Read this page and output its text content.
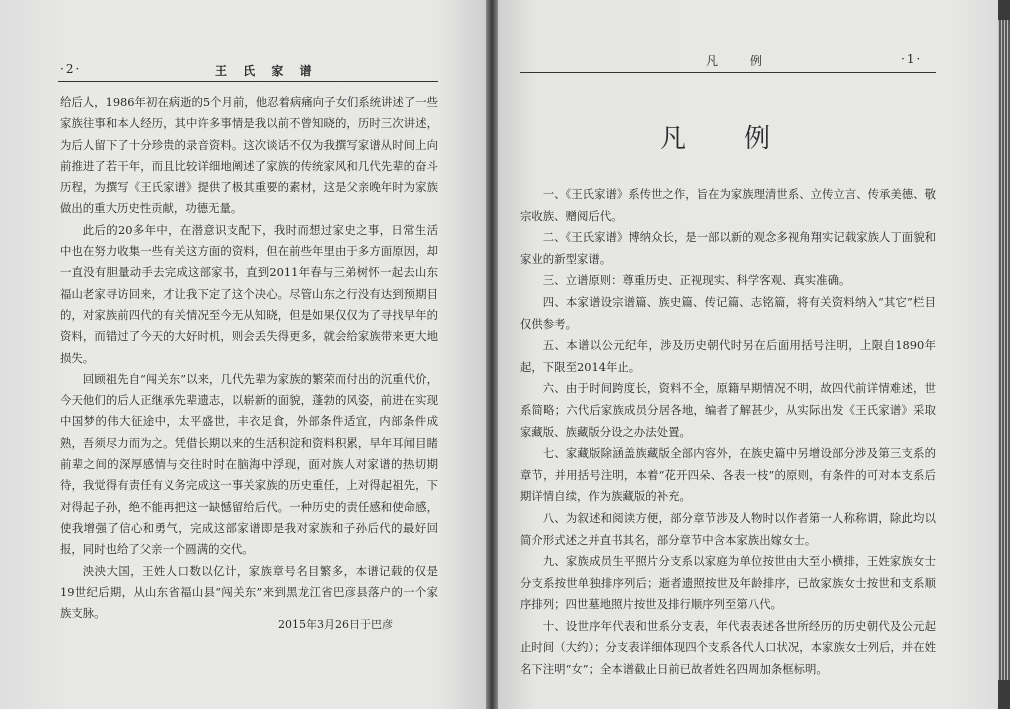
·2·	王 氏 家 谱

给后人，1986年初在病逝的5个月前，他忍着病痛向子女们系统讲述了一些家族往事和本人经历，其中许多事情是我以前不曾知晓的，历时三次讲述，为后人留下了十分珍贵的录音资料。这次谈话不仅为我撰写家谱从时间上向前推进了若干年，而且比较详细地阐述了家族的传统家风和几代先辈的奋斗历程，为撰写《王氏家谱》提供了极其重要的素材，这是父亲晚年时为家族做出的重大历史性贡献，功德无量。

此后的20多年中，在潜意识支配下，我时而想过家史之事，日常生活中也在努力收集一些有关这方面的资料，但在前些年里由于多方面原因，却一直没有胆量动手去完成这部家书，直到2011年春与三弟树怀一起去山东福山老家寻访回来，才让我下定了这个决心。尽管山东之行没有达到预期目的，对家族前四代的有关情况至今无从知晓，但是如果仅仅为了寻找早年的资料，而错过了今天的大好时机，则会丢失得更多，就会给家族带来更大地损失。

回顾祖先自“闯关东”以来，几代先辈为家族的繁荣而付出的沉重代价，今天他们的后人正继承先辈遗志，以崭新的面貌，蓬勃的风姿，前进在实现中国梦的伟大征途中，太平盛世，丰衣足食，外部条件适宜，内部条件成熟，吾须尽力而为之。凭借长期以来的生活积淀和资料积累，早年耳闻目睹前辈之间的深厚感情与交往时时在脑海中浮现，面对族人对家谱的热切期待，我觉得有责任有义务完成这一事关家族的历史重任，上对得起祖先，下对得起子孙，绝不能再把这一缺憾留给后代。一种历史的责任感和使命感，使我增强了信心和勇气，完成这部家谱即是我对家族和子孙后代的最好回报，同时也给了父亲一个圆满的交代。

泱泱大国，王姓人口数以亿计，家族章号名目繁多，本谱记载的仅是19世纪后期，从山东省福山县“闯关东”来到黑龙江省巴彦县落户的一个家族支脉。

2015年3月26日于巴彦
凡 例	·1·
凡例

一、《王氏家谱》系传世之作，旨在为家族理清世系、立传立言、传承美德、敬宗收族、赠阅后代。

二、《王氏家谱》博纳众长，是一部以新的观念多视角翔实记载家族人丁面貌和家业的新型家谱。

三、立谱原则：尊重历史、正视现实、科学客观、真实准确。

四、本家谱设宗谱篇、族史篇、传记篇、志铭篇，将有关资料纳入“其它”栏目仅供参考。

五、本谱以公元纪年，涉及历史朝代时另在后面用括号注明，上限自1890年起，下限至2014年止。

六、由于时间跨度长，资料不全，原籍早期情况不明，故四代前详情难述，世系简略；六代后家族成员分居各地，编者了解甚少，从实际出发《王氏家谱》采取家藏版、族藏版分设之办法处置。

七、家藏版除涵盖族藏版全部内容外，在族史篇中另增设部分涉及第三支系的章节，并用括号注明，本着“花开四朵、各表一枝”的原则，有条件的可对本支系后期详情自续，作为族藏版的补充。

八、为叙述和阅读方便，部分章节涉及人物时以作者第一人称称谓，除此均以简介形式述之并直书其名，部分章节中含本家族出嫁女士。

九、家族成员生平照片分支系以家庭为单位按世由大至小横排，王姓家族女士分支系按世单独排序列后；逝者遗照按世及年龄排序，已故家族女士按世和支系顺序排列；四世墓地照片按世及排行顺序列至第八代。

十、设世序年代表和世系分支表，年代表表述各世所经历的历史朝代及公元起止时间（大约）；分支表详细体现四个支系各代人口状况，本家族女士列后，并在姓名下注明“女”；全本谱截止日前已故者姓名四周加条框标明。
